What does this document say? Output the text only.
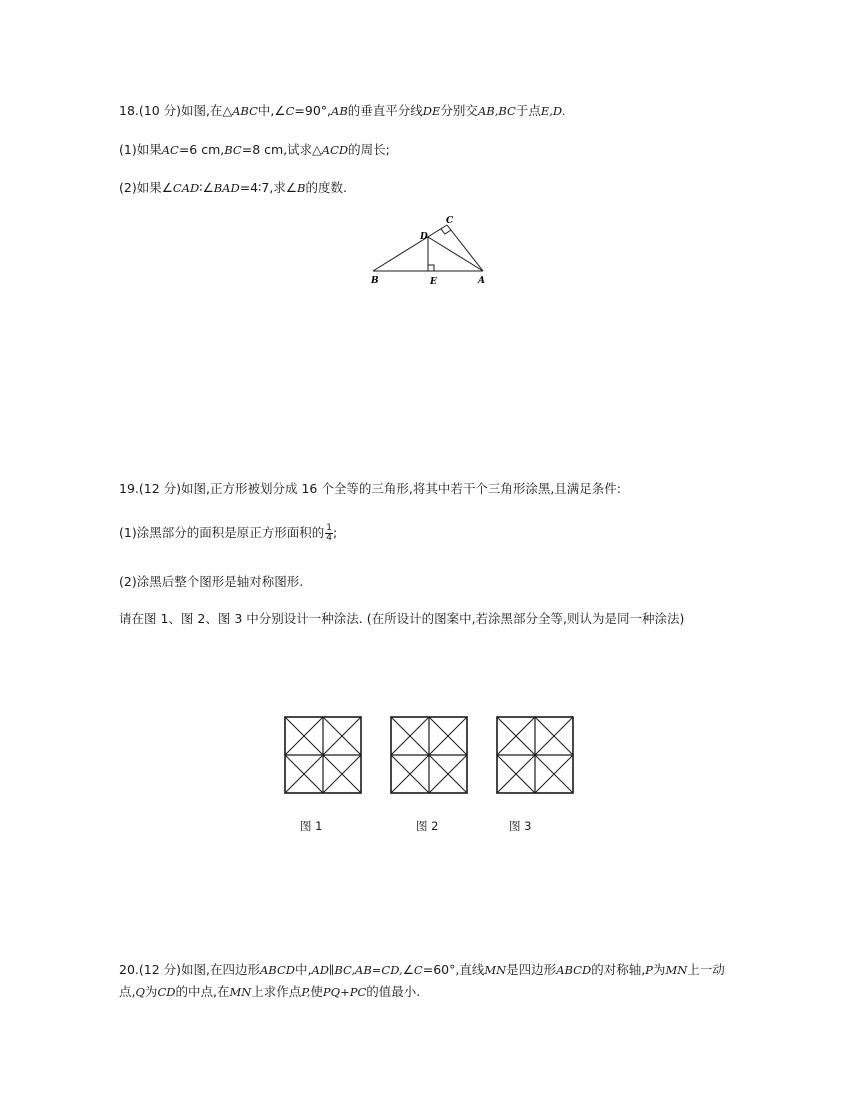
18.(10 分)如图,在△ABC中,∠C=90°,AB的垂直平分线DE分别交AB,BC于点E,D.
(1)如果AC=6 cm,BC=8 cm,试求△ACD的周长;
(2)如果∠CAD∶∠BAD=4∶7,求∠B的度数.
B	E	A
D
C
19.(12 分)如图,正方形被划分成 16 个全等的三角形,将其中若干个三角形涂黑,且满足条件:
(1)涂黑部分的面积是原正方形面积的 $\frac{1}{4}$ ;
(2)涂黑后整个图形是轴对称图形.
请在图 1、图 2、图 3 中分别设计一种涂法. (在所设计的图案中,若涂黑部分全等,则认为是同一种涂法)
图 1	图 2	图 3
20.(12 分)如图,在四边形ABCD中,AD∥BC,AB=CD,∠C=60°,直线MN是四边形ABCD的对称轴,P为MN上一动
点,Q为CD的中点,在MN上求作点P,使PQ+PC的值最小.
